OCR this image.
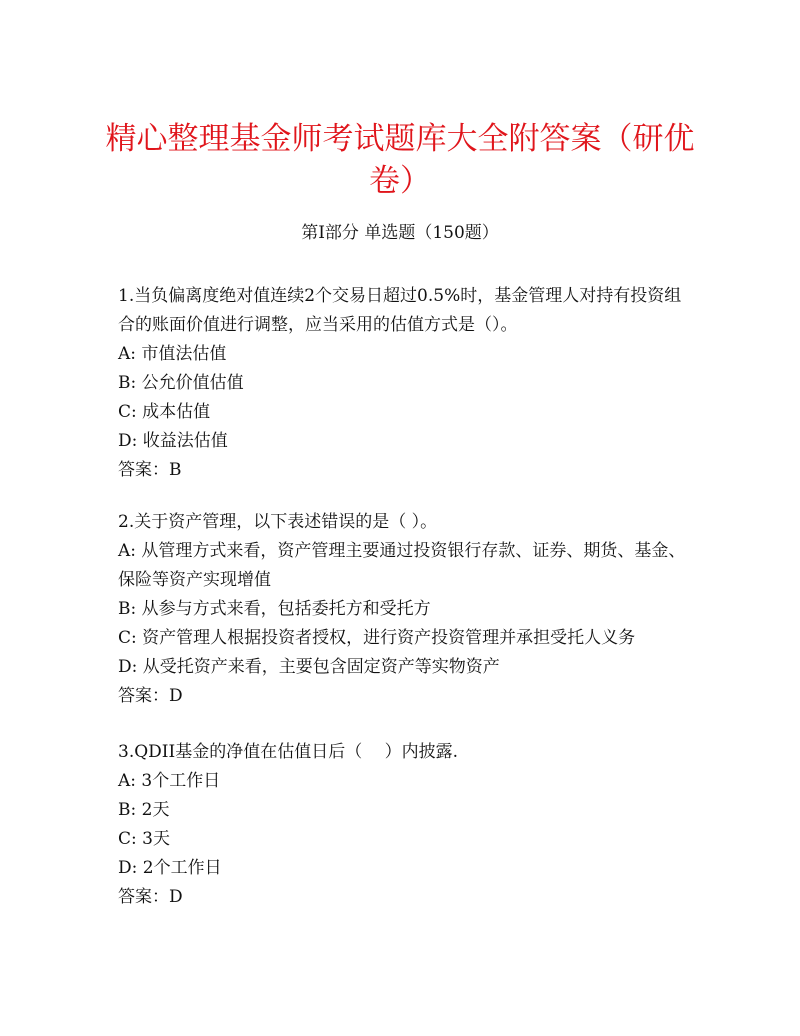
精心整理基金师考试题库大全附答案（研优卷）
第Ⅰ部分 单选题（150题）
1.当负偏离度绝对值连续2个交易日超过0.5%时，基金管理人对持有投资组合的账面价值进行调整，应当采用的估值方式是（）。
A: 市值法估值
B: 公允价值估值
C: 成本估值
D: 收益法估值
答案：B
2.关于资产管理，以下表述错误的是（ ）。
A: 从管理方式来看，资产管理主要通过投资银行存款、证券、期货、基金、保险等资产实现增值
B: 从参与方式来看，包括委托方和受托方
C: 资产管理人根据投资者授权，进行资产投资管理并承担受托人义务
D: 从受托资产来看，主要包含固定资产等实物资产
答案：D
3.QDII基金的净值在估值日后（　 ）内披露.
A: 3个工作日
B: 2天
C: 3天
D: 2个工作日
答案：D
